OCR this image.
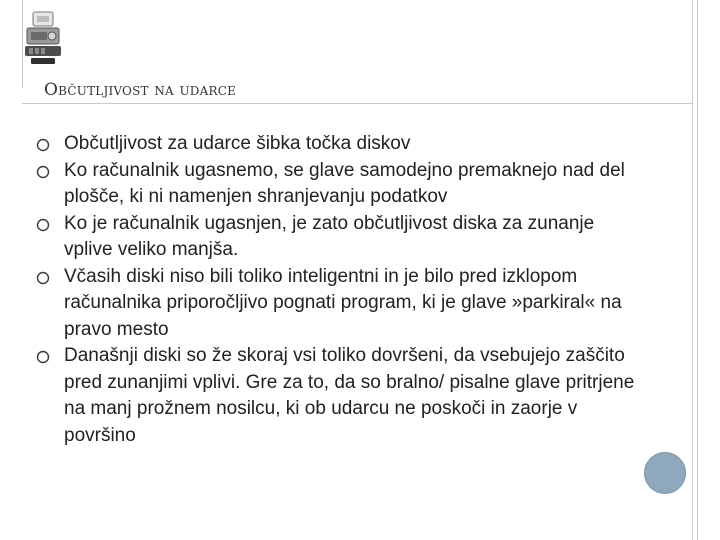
Občutljivost na udarce
Občutljivost za udarce šibka točka diskov
Ko računalnik ugasnemo, se glave samodejno premaknejo nad del plošče, ki ni namenjen shranjevanju podatkov
Ko je računalnik ugasnjen, je zato občutljivost diska za zunanje vplive veliko manjša.
Včasih diski niso bili toliko inteligentni in je bilo pred izklopom računalnika priporočljivo pognati program, ki je glave »parkiral« na pravo mesto
Današnji diski so že skoraj vsi toliko dovršeni, da vsebujejo zaščito pred zunanjimi vplivi. Gre za to, da so bralno/ pisalne glave pritrjene na manj prožnem nosilcu, ki ob udarcu ne poskoči in zaorje v površino
